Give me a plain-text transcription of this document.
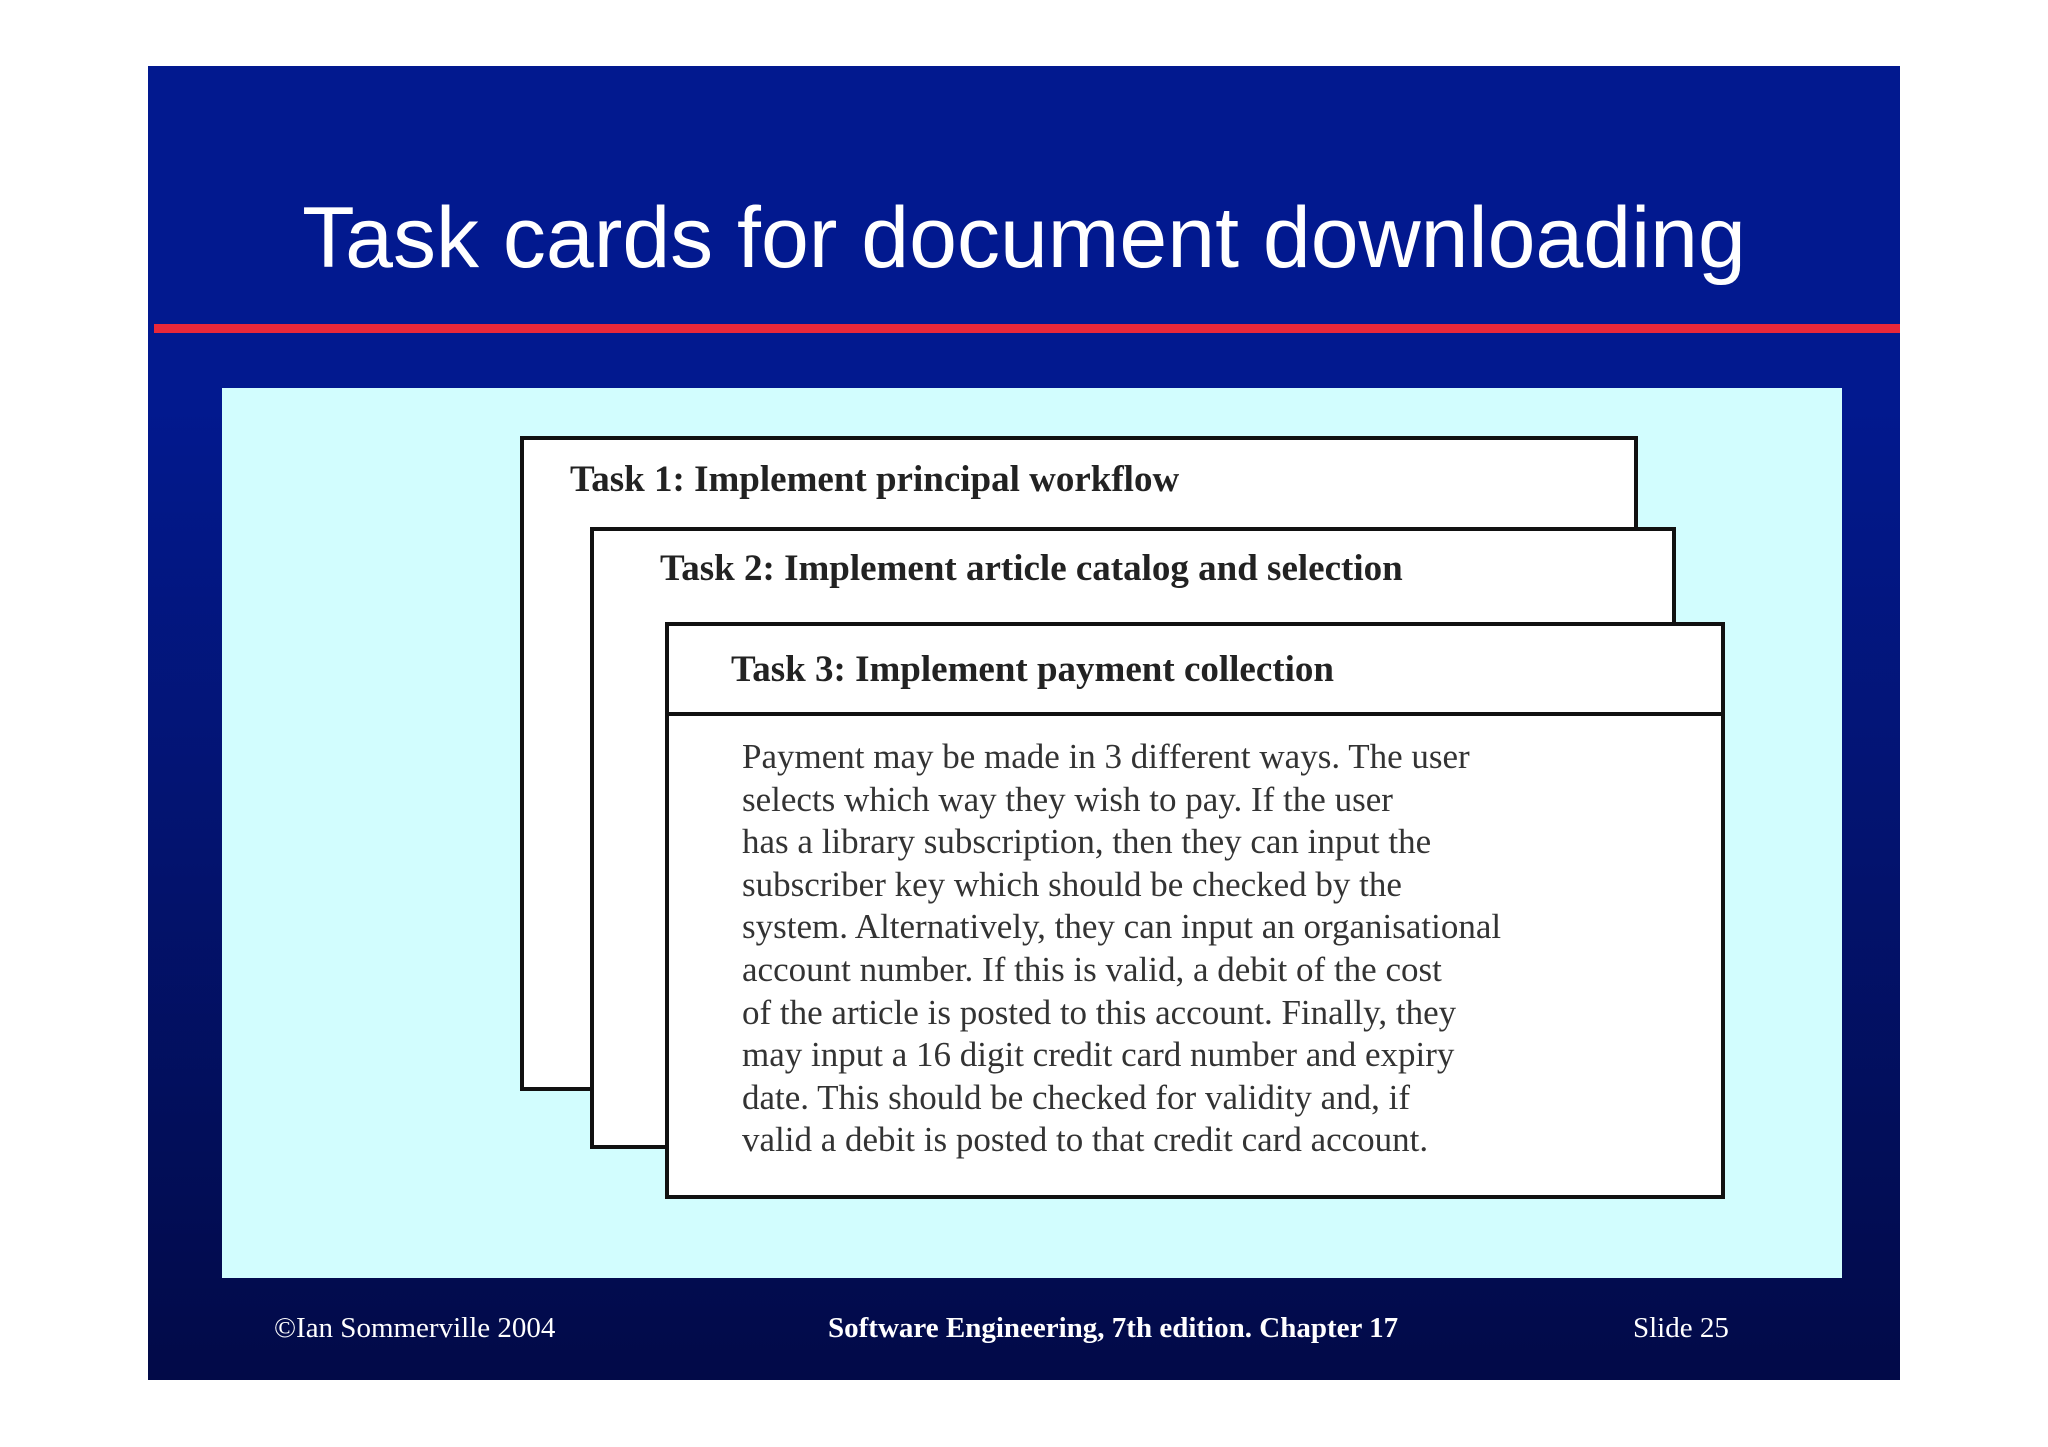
Task cards for document downloading
Task 1: Implement principal workflow
Task 2: Implement article catalog and selection
Task 3: Implement payment collection
Payment may be made in 3 different ways. The user
selects which way they wish to pay. If the user
has a library subscription, then they can input the
subscriber key which should be checked by the
system. Alternatively, they can input an organisational
account number. If this is valid, a debit of the cost
of the article is posted to this account. Finally, they
may input a 16 digit credit card number and expiry
date. This should be checked for validity and, if
valid a debit is posted to that credit card account.
©Ian Sommerville 2004	Software Engineering, 7th edition. Chapter 17	Slide 25
